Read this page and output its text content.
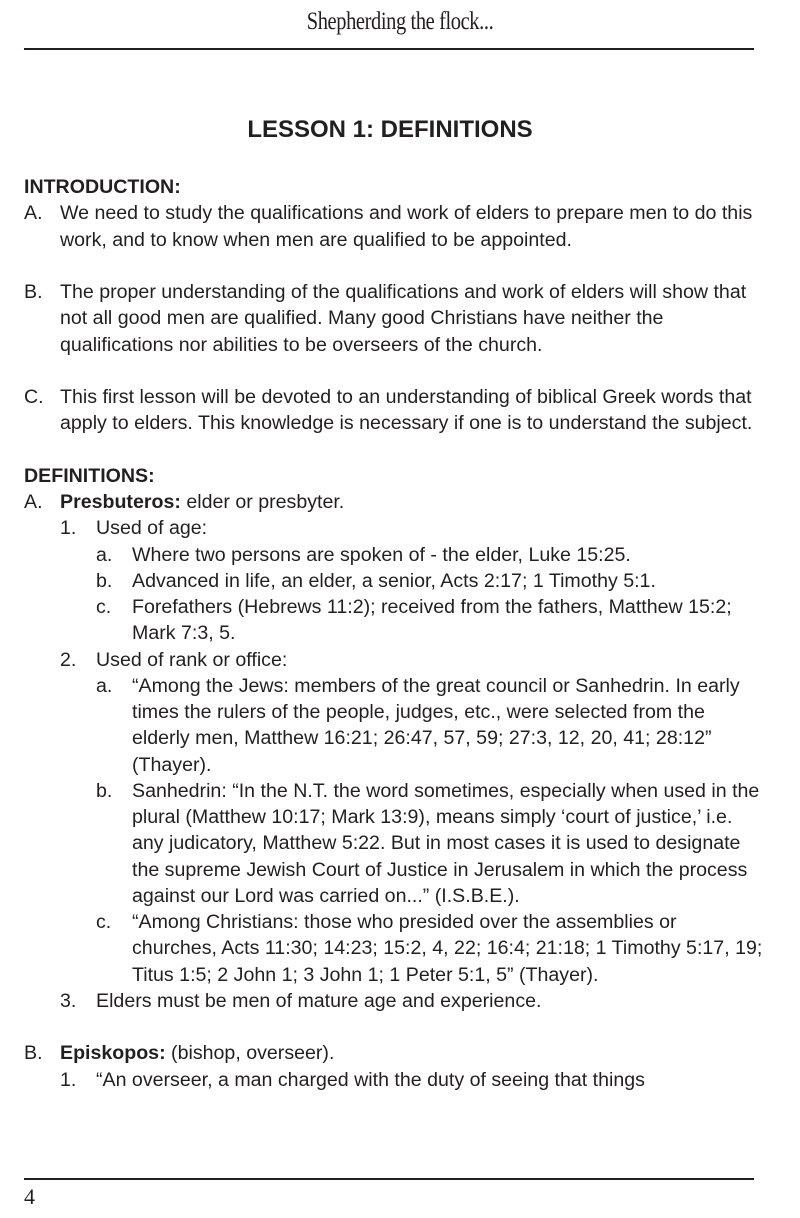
Shepherding the flock...
LESSON 1: DEFINITIONS
INTRODUCTION:
A. We need to study the qualifications and work of elders to prepare men to do this work, and to know when men are qualified to be appointed.
B. The proper understanding of the qualifications and work of elders will show that not all good men are qualified. Many good Christians have neither the qualifications nor abilities to be overseers of the church.
C. This first lesson will be devoted to an understanding of biblical Greek words that apply to elders. This knowledge is necessary if one is to understand the subject.
DEFINITIONS:
A. Presbuteros: elder or presbyter.
1. Used of age:
a. Where two persons are spoken of - the elder, Luke 15:25.
b. Advanced in life, an elder, a senior, Acts 2:17; 1 Timothy 5:1.
c. Forefathers (Hebrews 11:2); received from the fathers, Matthew 15:2; Mark 7:3, 5.
2. Used of rank or office:
a. “Among the Jews: members of the great council or Sanhedrin. In early times the rulers of the people, judges, etc., were selected from the elderly men, Matthew 16:21; 26:47, 57, 59; 27:3, 12, 20, 41; 28:12” (Thayer).
b. Sanhedrin: “In the N.T. the word sometimes, especially when used in the plural (Matthew 10:17; Mark 13:9), means simply ‘court of justice,’ i.e. any judicatory, Matthew 5:22. But in most cases it is used to designate the supreme Jewish Court of Justice in Jerusalem in which the process against our Lord was carried on...” (I.S.B.E.).
c. “Among Christians: those who presided over the assemblies or churches, Acts 11:30; 14:23; 15:2, 4, 22; 16:4; 21:18; 1 Timothy 5:17, 19; Titus 1:5; 2 John 1; 3 John 1; 1 Peter 5:1, 5” (Thayer).
3. Elders must be men of mature age and experience.
B. Episkopos: (bishop, overseer).
1. “An overseer, a man charged with the duty of seeing that things
4
